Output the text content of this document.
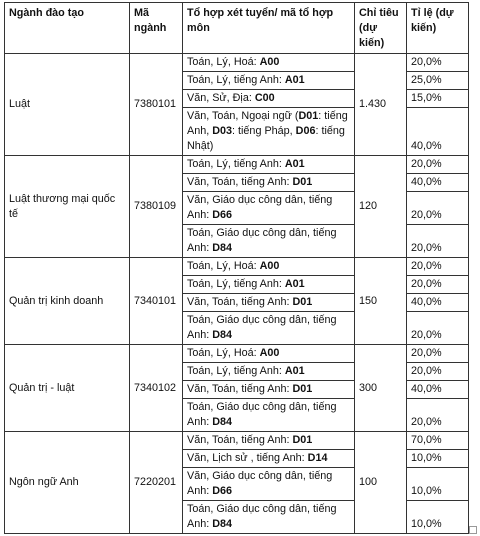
Ngành đào tạo	Mã ngành	Tổ hợp xét tuyển/ mã tổ hợp môn	Chỉ tiêu (dự kiến)	Tỉ lệ (dự kiến)
Luật	7380101	Toán, Lý, Hoá: A00	1.430	20,0%
		Toán, Lý, tiếng Anh: A01		25,0%
		Văn, Sử, Địa: C00		15,0%
		Văn, Toán, Ngoại ngữ (D01: tiếng Anh, D03: tiếng Pháp, D06: tiếng Nhật)		40,0%
Luật thương mại quốc tế	7380109	Toán, Lý, tiếng Anh: A01	120	20,0%
		Văn, Toán, tiếng Anh: D01		40,0%
		Văn, Giáo dục công dân, tiếng Anh: D66		20,0%
		Toán, Giáo dục công dân, tiếng Anh: D84		20,0%
Quản trị kinh doanh	7340101	Toán, Lý, Hoá: A00	150	20,0%
		Toán, Lý, tiếng Anh: A01		20,0%
		Văn, Toán, tiếng Anh: D01		40,0%
		Toán, Giáo dục công dân, tiếng Anh: D84		20,0%
Quản trị - luật	7340102	Toán, Lý, Hoá: A00	300	20,0%
		Toán, Lý, tiếng Anh: A01		20,0%
		Văn, Toán, tiếng Anh: D01		40,0%
		Toán, Giáo dục công dân, tiếng Anh: D84		20,0%
Ngôn ngữ Anh	7220201	Văn, Toán, tiếng Anh: D01	100	70,0%
		Văn, Lịch sử , tiếng Anh: D14		10,0%
		Văn, Giáo dục công dân, tiếng Anh: D66		10,0%
		Toán, Giáo dục công dân, tiếng Anh: D84		10,0%
